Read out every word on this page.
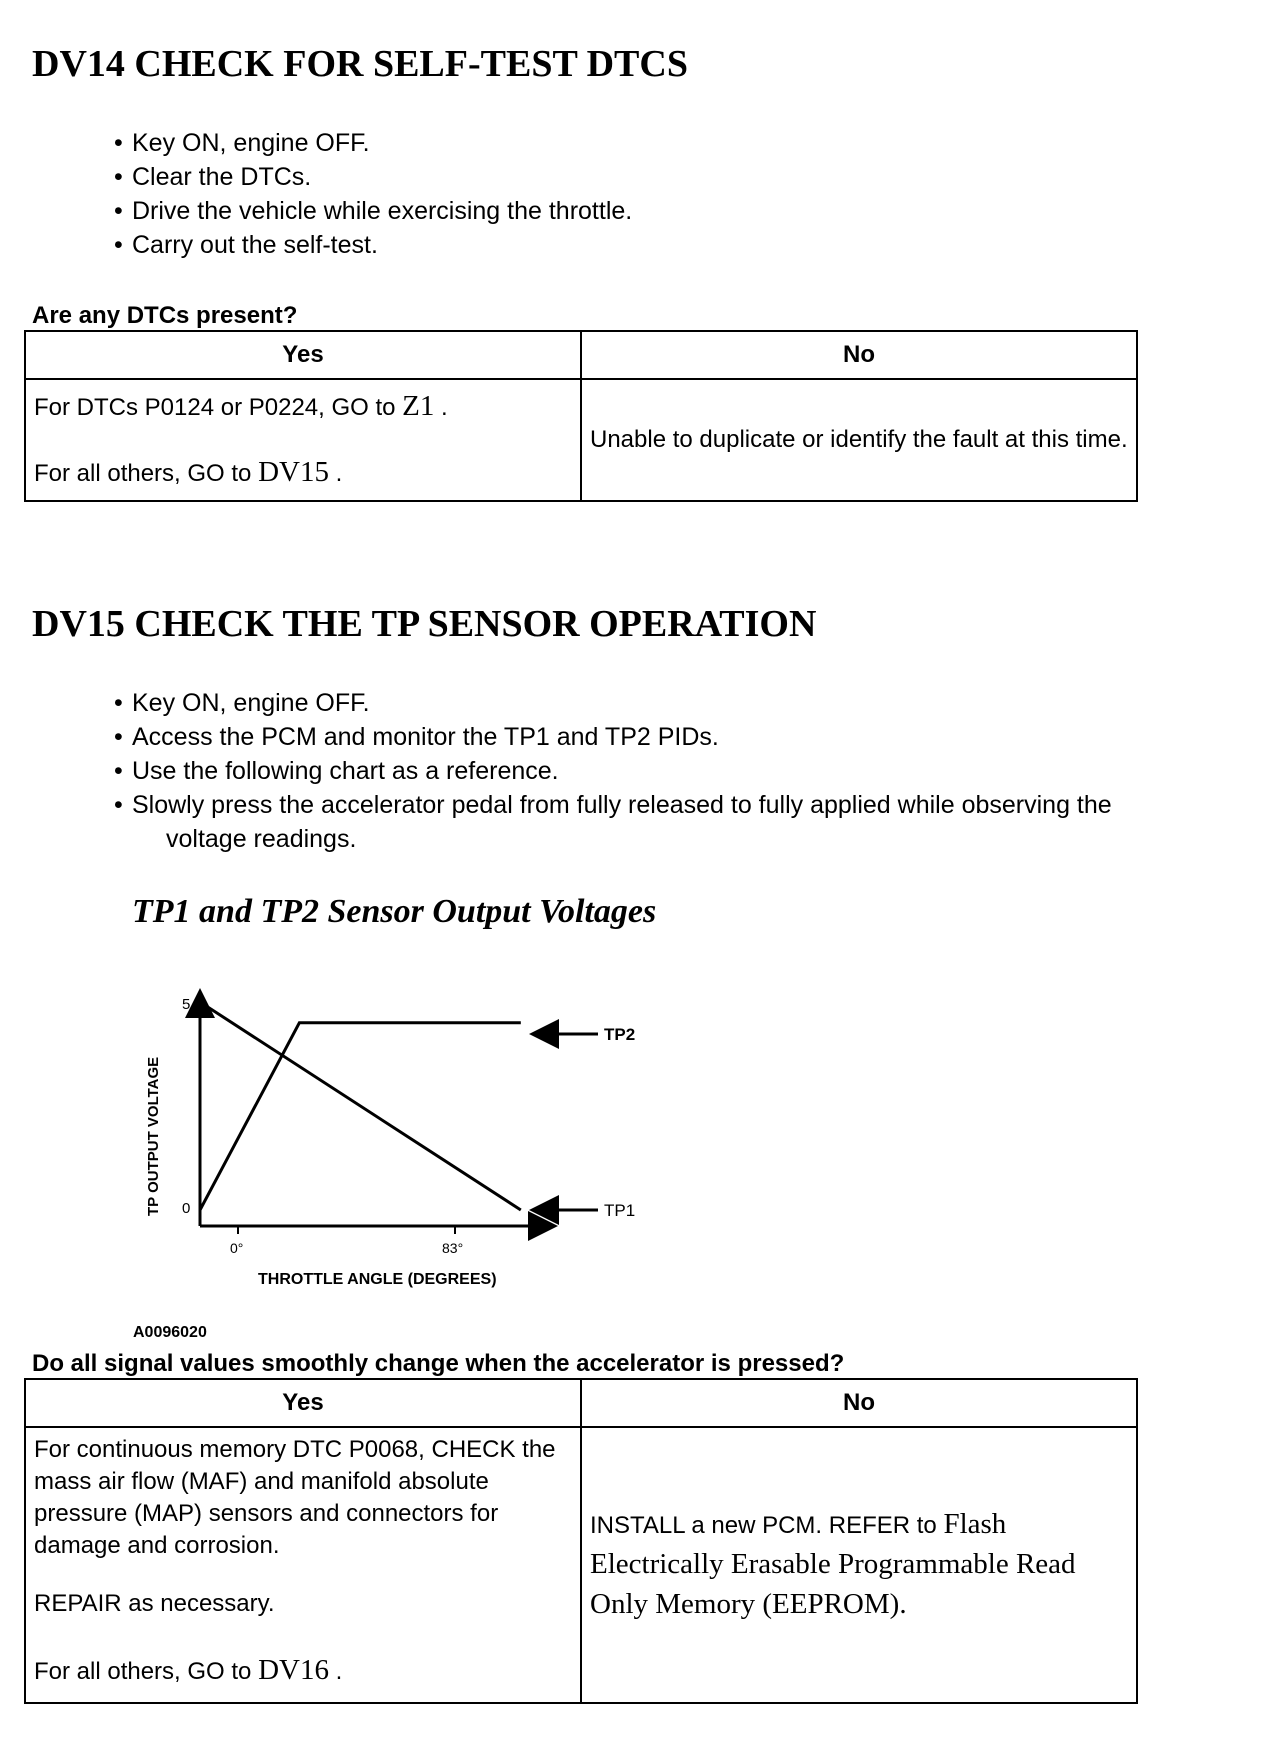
DV14 CHECK FOR SELF-TEST DTCS
• Key ON, engine OFF.
• Clear the DTCs.
• Drive the vehicle while exercising the throttle.
• Carry out the self-test.
Are any DTCs present?
Yes	No

For DTCs P0124 or P0224, GO to Z1 .

For all others, GO to DV15 .	Unable to duplicate or identify the fault at this time.
DV15 CHECK THE TP SENSOR OPERATION
• Key ON, engine OFF.
• Access the PCM and monitor the TP1 and TP2 PIDs.
• Use the following chart as a reference.
• Slowly press the accelerator pedal from fully released to fully applied while observing the
voltage readings.
TP1 and TP2 Sensor Output Voltages
TP OUTPUT VOLTAGE
5
0
0°	83°
THROTTLE ANGLE (DEGREES)
TP2
TP1
A0096020
Do all signal values smoothly change when the accelerator is pressed?
Yes	No

For continuous memory DTC P0068, CHECK the mass air flow (MAF) and manifold absolute pressure (MAP) sensors and connectors for damage and corrosion.

REPAIR as necessary.

For all others, GO to DV16 .	INSTALL a new PCM. REFER to Flash Electrically Erasable Programmable Read Only Memory (EEPROM).
